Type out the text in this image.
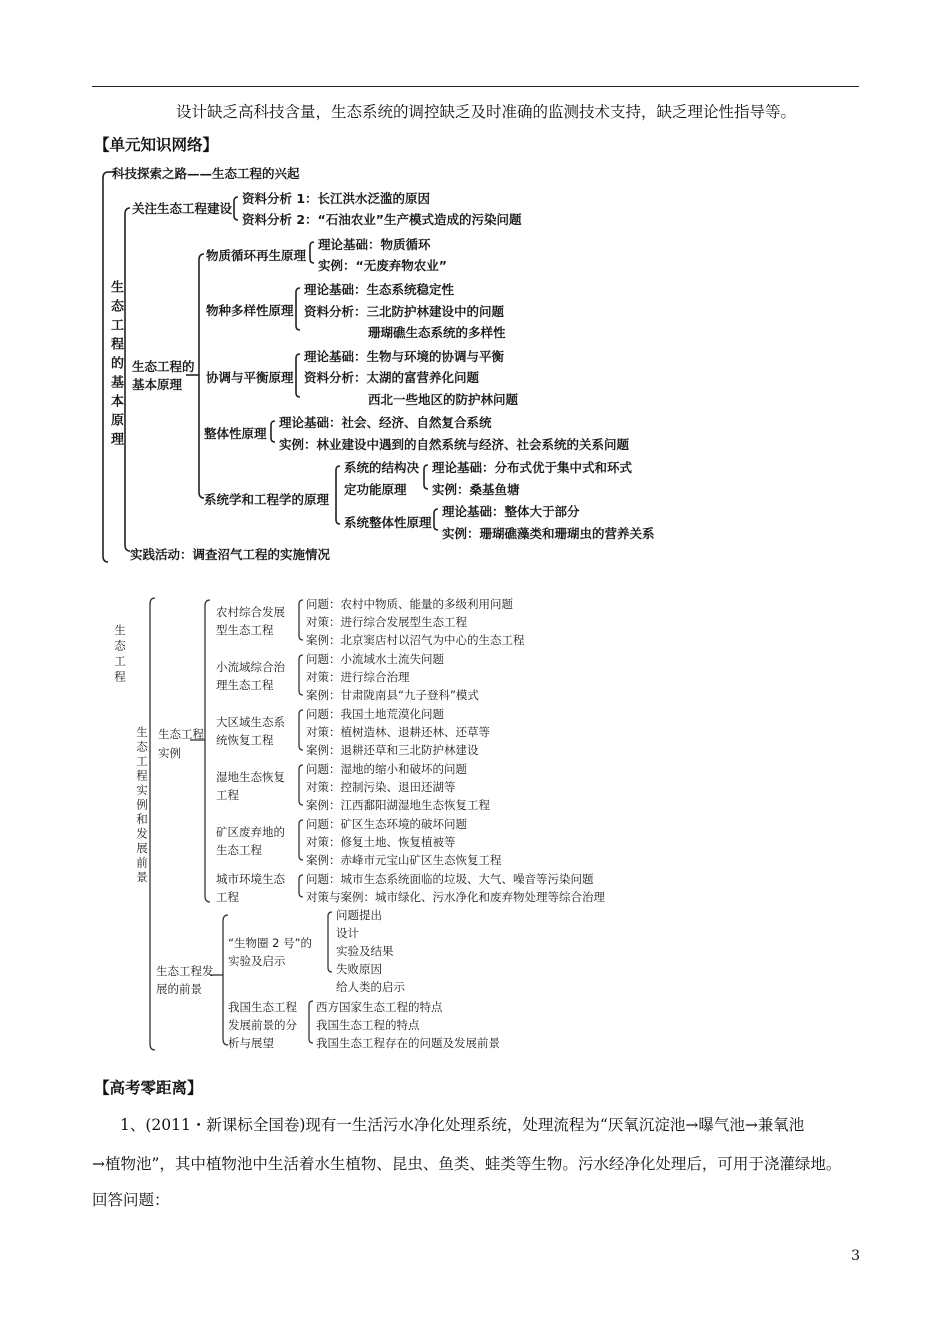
设计缺乏高科技含量，生态系统的调控缺乏及时准确的监测技术支持，缺乏理论性指导等。
【单元知识网络】
生态工程的基本原理
科技探索之路——生态工程的兴起
关注生态工程建设
资料分析 1：长江洪水泛滥的原因
资料分析 2：“石油农业”生产模式造成的污染问题
生态工程的基本原理
物质循环再生原理
理论基础：物质循环
实例：“无废弃物农业”
物种多样性原理
理论基础：生态系统稳定性
资料分析：三北防护林建设中的问题
珊瑚礁生态系统的多样性
协调与平衡原理
理论基础：生物与环境的协调与平衡
资料分析：太湖的富营养化问题
西北一些地区的防护林问题
整体性原理
理论基础：社会、经济、自然复合系统
实例：林业建设中遇到的自然系统与经济、社会系统的关系问题
系统学和工程学的原理
系统的结构决
定功能原理
理论基础：分布式优于集中式和环式
实例：桑基鱼塘
系统整体性原理
理论基础：整体大于部分
实例：珊瑚礁藻类和珊瑚虫的营养关系
实践活动：调查沼气工程的实施情况
生态工程
生态工程实例和发展前景 生态工程
实例
农村综合发展
型生态工程
问题：农村中物质、能量的多级利用问题
对策：进行综合发展型生态工程
案例：北京窦店村以沼气为中心的生态工程
小流域综合治
理生态工程
问题：小流域水土流失问题
对策：进行综合治理
案例：甘肃陇南县“九子登科”模式
大区域生态系
统恢复工程
问题：我国土地荒漠化问题
对策：植树造林、退耕还林、还草等
案例：退耕还草和三北防护林建设
湿地生态恢复
工程
问题：湿地的缩小和破坏的问题
对策：控制污染、退田还湖等
案例：江西鄱阳湖湿地生态恢复工程
矿区废弃地的
生态工程
问题：矿区生态环境的破坏问题
对策：修复土地、恢复植被等
案例：赤峰市元宝山矿区生态恢复工程
城市环境生态
工程
问题：城市生态系统面临的垃圾、大气、噪音等污染问题
对策与案例：城市绿化、污水净化和废弃物处理等综合治理
生态工程发
展的前景
“生物圈 2 号”的
实验及启示
问题提出
设计
实验及结果
失败原因
给人类的启示
我国生态工程
发展前景的分
析与展望
西方国家生态工程的特点
我国生态工程的特点
我国生态工程存在的问题及发展前景
【高考零距离】
1、(2011・新课标全国卷)现有一生活污水净化处理系统，处理流程为“厌氧沉淀池→曝气池→兼氧池
→植物池”，其中植物池中生活着水生植物、昆虫、鱼类、蛙类等生物。污水经净化处理后，可用于浇灌绿地。
回答问题：
3
